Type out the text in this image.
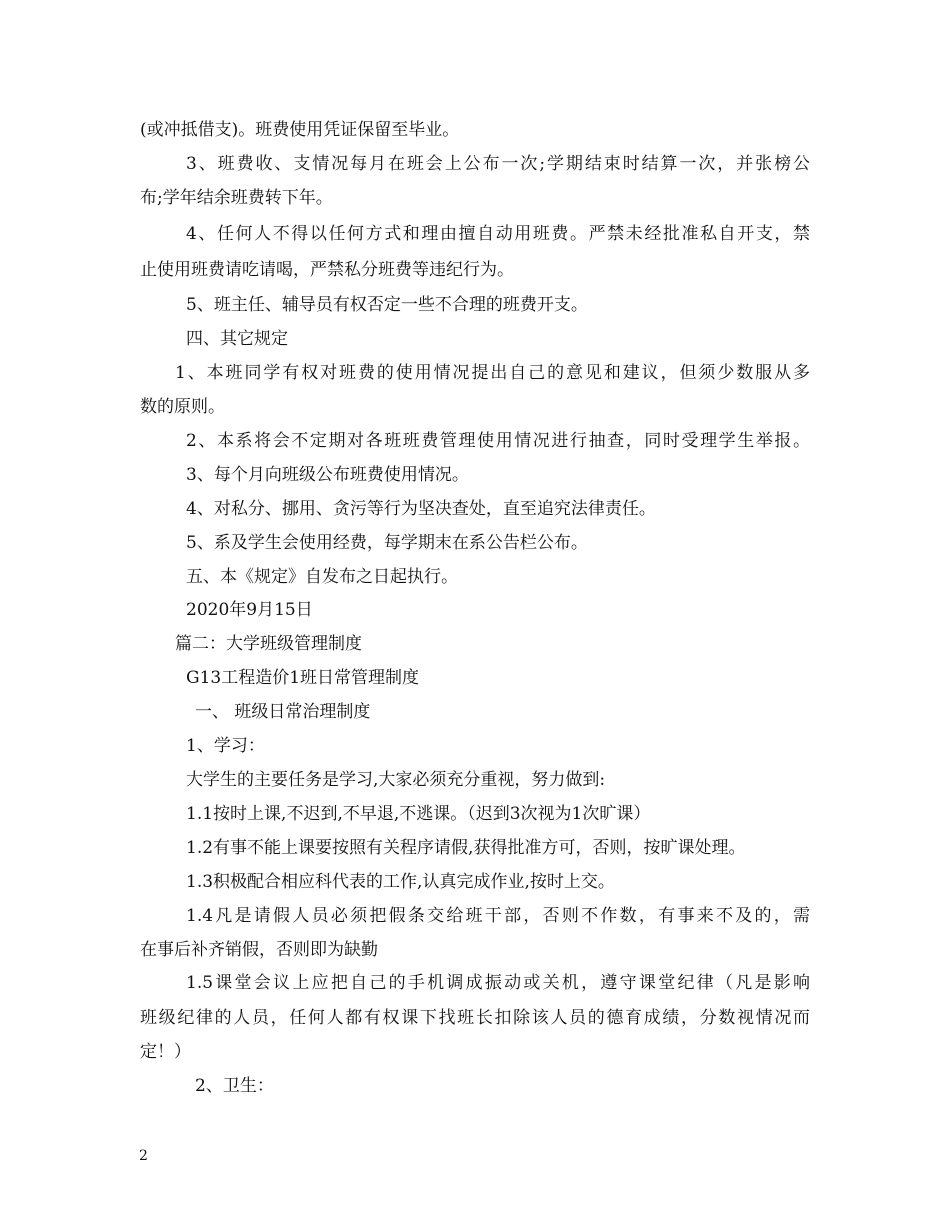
(或冲抵借支)。班费使用凭证保留至毕业。
3、班费收、支情况每月在班会上公布一次;学期结束时结算一次，并张榜公
布;学年结余班费转下年。
4、任何人不得以任何方式和理由擅自动用班费。严禁未经批准私自开支，禁
止使用班费请吃请喝，严禁私分班费等违纪行为。
5、班主任、辅导员有权否定一些不合理的班费开支。
四、其它规定
1、本班同学有权对班费的使用情况提出自己的意见和建议，但须少数服从多
数的原则。
2、本系将会不定期对各班班费管理使用情况进行抽查，同时受理学生举报。
3、每个月向班级公布班费使用情况。
4、对私分、挪用、贪污等行为坚决查处，直至追究法律责任。
5、系及学生会使用经费，每学期末在系公告栏公布。
五、本《规定》自发布之日起执行。
2020年9月15日
篇二：大学班级管理制度
G13工程造价1班日常管理制度
一、 班级日常治理制度
1、学习：
大学生的主要任务是学习,大家必须充分重视，努力做到:
1.1按时上课,不迟到,不早退,不逃课。（迟到3次视为1次旷课）
1.2有事不能上课要按照有关程序请假,获得批准方可，否则，按旷课处理。
1.3积极配合相应科代表的工作,认真完成作业,按时上交。
1.4凡是请假人员必须把假条交给班干部，否则不作数，有事来不及的，需
在事后补齐销假，否则即为缺勤
1.5课堂会议上应把自己的手机调成振动或关机，遵守课堂纪律（凡是影响
班级纪律的人员，任何人都有权课下找班长扣除该人员的德育成绩，分数视情况而
定！）
2、卫生：
2
